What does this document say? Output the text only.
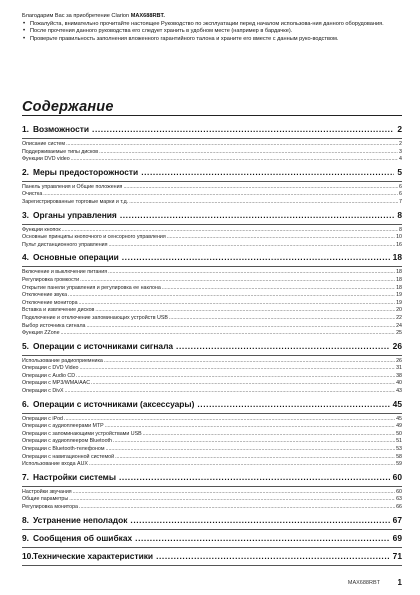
Благодарим Вас за приобретение Clarion MAX688RBT.
• Пожалуйста, внимательно прочитайте настоящее Руководство по эксплуатации перед началом использова-ния данного оборудования.
• После прочтения данного руководства его следует хранить в удобном месте (например в бардачке).
• Проверьте правильность заполнения вложенного гарантийного талона и храните его вместе с данным руко-водством.
Содержание
1. Возможности .....	2
Описание систем .....	2
Поддерживаемые типы дисков .....	3
Функции DVD video .....	4
2. Меры предосторожности .....	5
Панель управления и Общие положения .....	6
Очистка .....	6
Зарегистрированные торговые марки и т.д. .....	7
3. Органы управления .....	8
Функции кнопок .....	8
Основные принципы кнопочного и сенсорного управления .....	10
Пульт дистанционного управления .....	16
4. Основные операции .....	18
Включение и выключение питания .....	18
Регулировка громкости .....	18
Открытие панели управления и регулировка ее наклона .....	18
Отключение звука .....	19
Отключение монитора .....	19
Вставка и извлечение дисков .....	20
Подключение и отключение запоминающих устройств USB .....	22
Выбор источника сигнала .....	24
Функция ZZone .....	25
5. Операции с источниками сигнала .....	26
Использование радиоприемника .....	26
Операции с DVD Video .....	31
Операции с Audio CD .....	38
Операции с MP3/WMA/AAC .....	40
Операции с DivX .....	43
6. Операции с источниками (аксессуары) .....	45
Операции с iPod .....	45
Операции с аудиоплеерами MTP .....	49
Операции с запоминающими устройствами USB .....	50
Операции с аудиоплеером Bluetooth .....	51
Операции с Bluetooth-телефоном .....	53
Операции с навигационной системой .....	58
Использование входа AUX .....	59
7. Настройки системы .....	60
Настройки звучания .....	60
Общие параметры .....	63
Регулировка монитора .....	66
8. Устранение неполадок .....	67
9. Сообщения об ошибках .....	69
10. Технические характеристики .....	71
MAX688RBT 1
